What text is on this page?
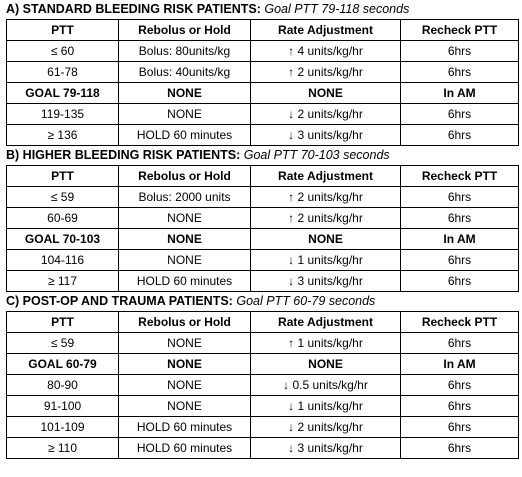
A) STANDARD BLEEDING RISK PATIENTS: Goal PTT 79-118 seconds
PTT	Rebolus or Hold	Rate Adjustment	Recheck PTT
≤ 60	Bolus: 80units/kg	↑ 4 units/kg/hr	6hrs
61-78	Bolus: 40units/kg	↑ 2 units/kg/hr	6hrs
GOAL 79-118	NONE	NONE	In AM
119-135	NONE	↓ 2 units/kg/hr	6hrs
≥ 136	HOLD 60 minutes	↓ 3 units/kg/hr	6hrs
B) HIGHER BLEEDING RISK PATIENTS: Goal PTT 70-103 seconds
PTT	Rebolus or Hold	Rate Adjustment	Recheck PTT
≤ 59	Bolus: 2000 units	↑ 2 units/kg/hr	6hrs
60-69	NONE	↑ 2 units/kg/hr	6hrs
GOAL 70-103	NONE	NONE	In AM
104-116	NONE	↓ 1 units/kg/hr	6hrs
≥ 117	HOLD 60 minutes	↓ 3 units/kg/hr	6hrs
C) POST-OP AND TRAUMA PATIENTS: Goal PTT 60-79 seconds
PTT	Rebolus or Hold	Rate Adjustment	Recheck PTT
≤ 59	NONE	↑ 1 units/kg/hr	6hrs
GOAL 60-79	NONE	NONE	In AM
80-90	NONE	↓ 0.5 units/kg/hr	6hrs
91-100	NONE	↓ 1 units/kg/hr	6hrs
101-109	HOLD 60 minutes	↓ 2 units/kg/hr	6hrs
≥ 110	HOLD 60 minutes	↓ 3 units/kg/hr	6hrs
